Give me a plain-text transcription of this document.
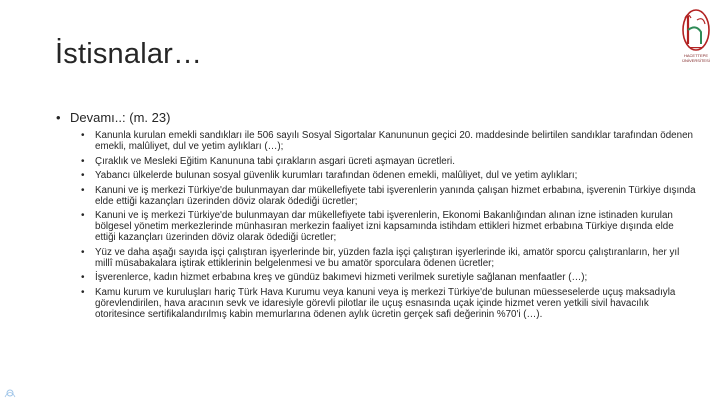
İstisnalar…	HACETTEPE ÜNİVERSİTESİ
• Devamı..: (m. 23)
• Kanunla kurulan emekli sandıkları ile 506 sayılı Sosyal Sigortalar Kanununun geçici 20. maddesinde belirtilen sandıklar tarafından ödenen emekli, malûliyet, dul ve yetim aylıkları (…);
• Çıraklık ve Mesleki Eğitim Kanununa tabi çırakların asgari ücreti aşmayan ücretleri.
• Yabancı ülkelerde bulunan sosyal güvenlik kurumları tarafından ödenen emekli, malûliyet, dul ve yetim aylıkları;
• Kanuni ve iş merkezi Türkiye'de bulunmayan dar mükellefiyete tabi işverenlerin yanında çalışan hizmet erbabına, işverenin Türkiye dışında elde ettiği kazançları üzerinden döviz olarak ödediği ücretler;
• Kanuni ve iş merkezi Türkiye'de bulunmayan dar mükellefiyete tabi işverenlerin, Ekonomi Bakanlığından alınan izne istinaden kurulan bölgesel yönetim merkezlerinde münhasıran merkezin faaliyet izni kapsamında istihdam ettikleri hizmet erbabına Türkiye dışında elde ettiği kazançları üzerinden döviz olarak ödediği ücretler;
• Yüz ve daha aşağı sayıda işçi çalıştıran işyerlerinde bir, yüzden fazla işçi çalıştıran işyerlerinde iki, amatör sporcu çalıştıranların, her yıl millî müsabakalara iştirak ettiklerinin belgelenmesi ve bu amatör sporculara ödenen ücretler;
• İşverenlerce, kadın hizmet erbabına kreş ve gündüz bakımevi hizmeti verilmek suretiyle sağlanan menfaatler (…);
• Kamu kurum ve kuruluşları hariç Türk Hava Kurumu veya kanuni veya iş merkezi Türkiye'de bulunan müesseselerde uçuş maksadıyla görevlendirilen, hava aracının sevk ve idaresiyle görevli pilotlar ile uçuş esnasında uçak içinde hizmet veren yetkili sivil havacılık otoritesince sertifikalandırılmış kabin memurlarına ödenen aylık ücretin gerçek safi değerinin %70'i (…).
